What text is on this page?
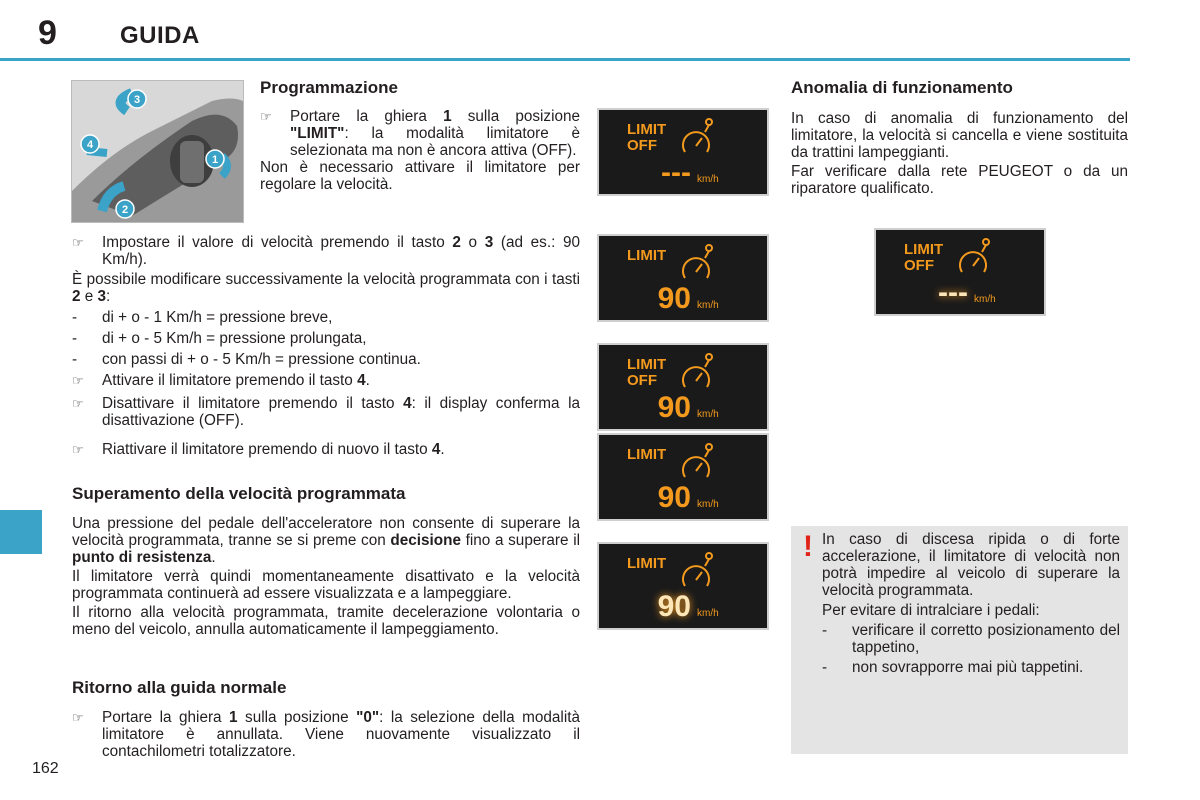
9	GUIDA
1
2
3
4
Programmazione
☞ Portare la ghiera 1 sulla posizione "LIMIT": la modalità limitatore è selezionata ma non è ancora attiva (OFF).

Non è necessario attivare il limitatore per regolare la velocità.

☞ Impostare il valore di velocità premendo il tasto 2 o 3 (ad es.: 90 Km/h).

È possibile modificare successivamente la velocità programmata con i tasti 2 e 3:

- di + o - 1 Km/h = pressione breve,
- di + o - 5 Km/h = pressione prolungata,
- con passi di + o - 5 Km/h = pressione continua.
☞ Attivare il limitatore premendo il tasto 4.
☞ Disattivare il limitatore premendo il tasto 4: il display conferma la disattivazione (OFF).
☞ Riattivare il limitatore premendo di nuovo il tasto 4.
Superamento della velocità programmata

Una pressione del pedale dell'acceleratore non consente di superare la velocità programmata, tranne se si preme con decisione fino a superare il punto di resistenza.

Il limitatore verrà quindi momentaneamente disattivato e la velocità programmata continuerà ad essere visualizzata e a lampeggiare.

Il ritorno alla velocità programmata, tramite decelerazione volontaria o meno del veicolo, annulla automaticamente il lampeggiamento.

Ritorno alla guida normale
☞ Portare la ghiera 1 sulla posizione "0": la selezione della modalità limitatore è annullata. Viene nuovamente visualizzato il contachilometri totalizzatore.
LIMIT
OFF
--- km/h
LIMIT
90 km/h
LIMIT
OFF
90 km/h
LIMIT
90 km/h
LIMIT
90 km/h
Anomalia di funzionamento

In caso di anomalia di funzionamento del limitatore, la velocità si cancella e viene sostituita da trattini lampeggianti.

Far verificare dalla rete PEUGEOT o da un riparatore qualificato.

LIMIT
OFF
--- km/h
! In caso di discesa ripida o di forte accelerazione, il limitatore di velocità non potrà impedire al veicolo di superare la velocità programmata.

Per evitare di intralciare i pedali:

- verificare il corretto posizionamento del tappetino,
- non sovrapporre mai più tappetini.
162
